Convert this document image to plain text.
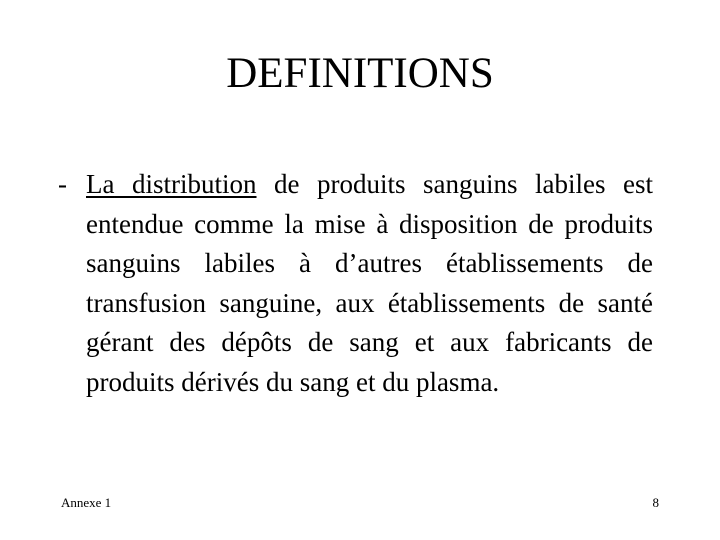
DEFINITIONS
- La distribution de produits sanguins labiles est entendue comme la mise à disposition de produits sanguins labiles à d’autres établissements de transfusion sanguine, aux établissements de santé gérant des dépôts de sang et aux fabricants de produits dérivés du sang et du plasma.
Annexe 1	8
